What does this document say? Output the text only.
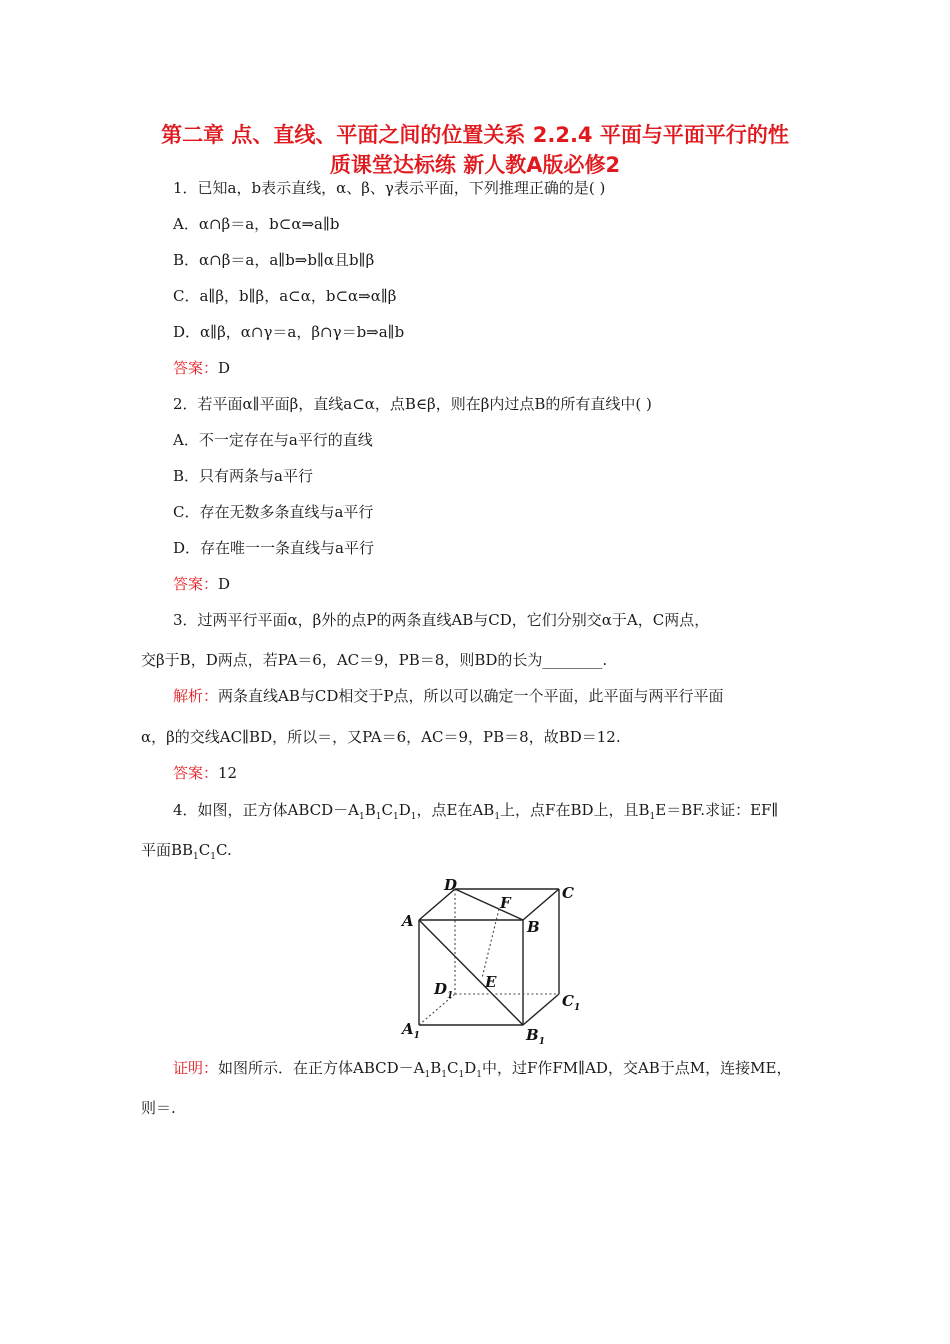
第二章 点、直线、平面之间的位置关系 2.2.4 平面与平面平行的性
质课堂达标练 新人教A版必修2
1．已知a，b表示直线，α、β、γ表示平面，下列推理正确的是( )
A．α∩β＝a，b⊂α⇒a∥b
B．α∩β＝a，a∥b⇒b∥α且b∥β
C．a∥β，b∥β，a⊂α，b⊂α⇒α∥β
D．α∥β，α∩γ＝a，β∩γ＝b⇒a∥b
答案：D
2．若平面α∥平面β，直线a⊂α，点B∈β，则在β内过点B的所有直线中( )
A．不一定存在与a平行的直线
B．只有两条与a平行
C．存在无数多条直线与a平行
D．存在唯一一条直线与a平行
答案：D
3．过两平行平面α，β外的点P的两条直线AB与CD，它们分别交α于A，C两点，
交β于B，D两点，若PA＝6，AC＝9，PB＝8，则BD的长为________.
解析：两条直线AB与CD相交于P点，所以可以确定一个平面，此平面与两平行平面
α，β的交线AC∥BD，所以＝，又PA＝6，AC＝9，PB＝8，故BD＝12.
答案：12
4．如图，正方体$ABCD-A_1B_1C_1D_1$，点E在$AB_1$上，点F在BD上，且$B_1E=BF$.求证：EF∥
平面$BB_1C_1C$.
D	C
A
F
B
E
$D_1$	$C_1$
$A_1$	$B_1$
证明：如图所示．在正方体$ABCD-A_1B_1C_1D_1$中，过F作FM∥AD，交AB于点M，连接ME，
则＝.
